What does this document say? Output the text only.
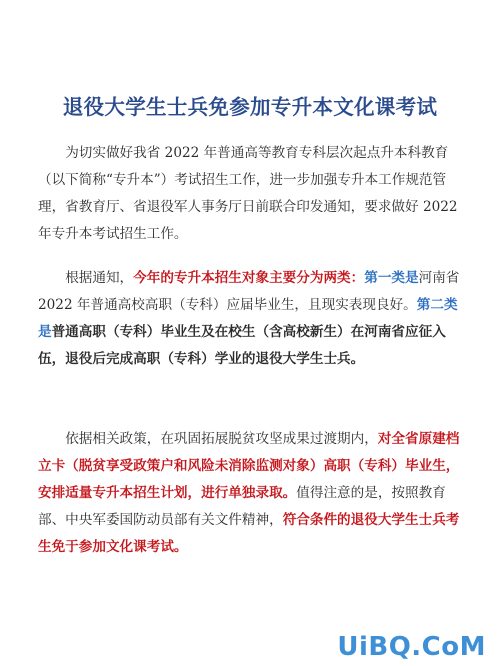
退役大学生士兵免参加专升本文化课考试

　　为切实做好我省 2022 年普通高等教育专科层次起点升本科教育（以下简称“专升本”）考试招生工作，进一步加强专升本工作规范管理，省教育厅、省退役军人事务厅日前联合印发通知，要求做好 2022 年专升本考试招生工作。

　　根据通知，今年的专升本招生对象主要分为两类：第一类是河南省 2022 年普通高校高职（专科）应届毕业生，且现实表现良好。第二类是普通高职（专科）毕业生及在校生（含高校新生）在河南省应征入伍，退役后完成高职（专科）学业的退役大学生士兵。

　　依据相关政策，在巩固拓展脱贫攻坚成果过渡期内，对全省原建档立卡（脱贫享受政策户和风险未消除监测对象）高职（专科）毕业生，安排适量专升本招生计划，进行单独录取。值得注意的是，按照教育部、中央军委国防动员部有关文件精神，符合条件的退役大学生士兵考生免于参加文化课考试。

UiBQ.CoM
